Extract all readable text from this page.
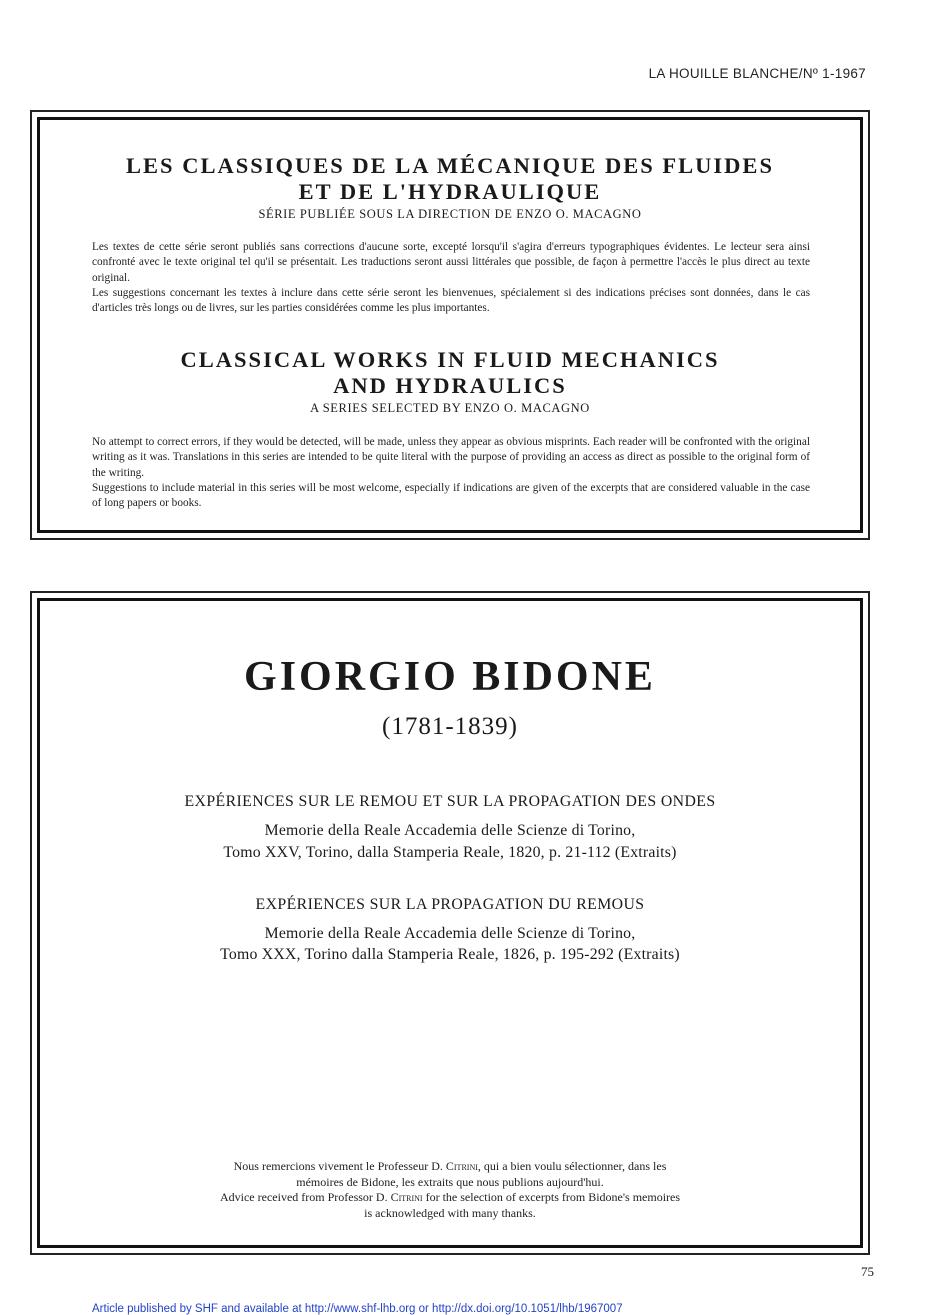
LA HOUILLE BLANCHE/Nº 1-1967
LES CLASSIQUES DE LA MÉCANIQUE DES FLUIDES
ET DE L'HYDRAULIQUE
SÉRIE PUBLIÉE SOUS LA DIRECTION DE ENZO O. MACAGNO

Les textes de cette série seront publiés sans corrections d'aucune sorte, excepté lorsqu'il s'agira d'erreurs typographiques évidentes. Le lecteur sera ainsi confronté avec le texte original tel qu'il se présentait. Les traductions seront aussi littérales que possible, de façon à permettre l'accès le plus direct au texte original.

Les suggestions concernant les textes à inclure dans cette série seront les bienvenues, spécialement si des indications précises sont données, dans le cas d'articles très longs ou de livres, sur les parties considérées comme les plus importantes.

CLASSICAL WORKS IN FLUID MECHANICS
AND HYDRAULICS
A SERIES SELECTED BY ENZO O. MACAGNO

No attempt to correct errors, if they would be detected, will be made, unless they appear as obvious misprints. Each reader will be confronted with the original writing as it was. Translations in this series are intended to be quite literal with the purpose of providing an access as direct as possible to the original form of the writing.

Suggestions to include material in this series will be most welcome, especially if indications are given of the excerpts that are considered valuable in the case of long papers or books.

GIORGIO BIDONE
(1781-1839)
EXPÉRIENCES SUR LE REMOU ET SUR LA PROPAGATION DES ONDES
Memorie della Reale Accademia delle Scienze di Torino,
Tomo XXV, Torino, dalla Stamperia Reale, 1820, p. 21-112 (Extraits)
EXPÉRIENCES SUR LA PROPAGATION DU REMOUS
Memorie della Reale Accademia delle Scienze di Torino,
Tomo XXX, Torino dalla Stamperia Reale, 1826, p. 195-292 (Extraits)
Nous remercions vivement le Professeur D. Citrini, qui a bien voulu sélectionner, dans les
mémoires de Bidone, les extraits que nous publions aujourd'hui.
Advice received from Professor D. Citrini for the selection of excerpts from Bidone's memoires
is acknowledged with many thanks.
75
Article published by SHF and available at http://www.shf-lhb.org or http://dx.doi.org/10.1051/lhb/1967007
